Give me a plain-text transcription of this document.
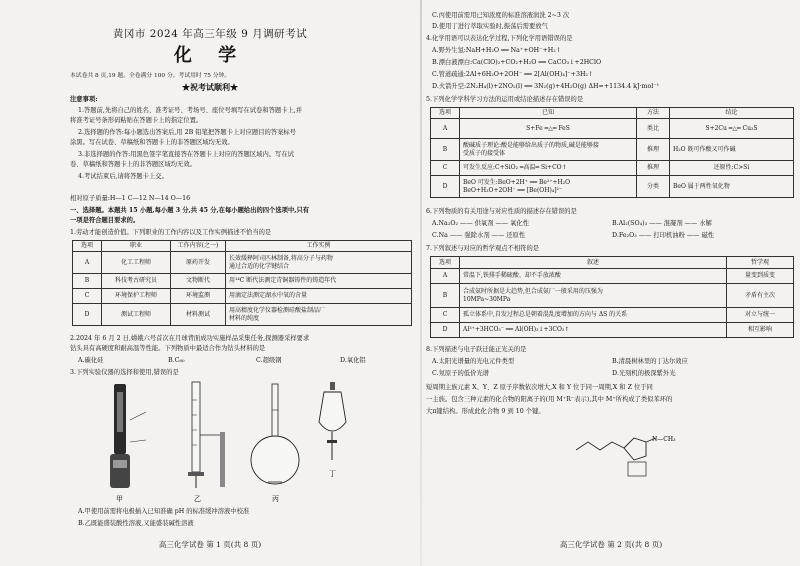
黄冈市 2024 年高三年级 9 月调研考试
化 学
本试卷共 8 页,19 题。全卷满分 100 分。考试用时 75 分钟。
★祝考试顺利★
注意事项:
1.答题前,先将自己的姓名、准考证号、考场号、座位号填写在试卷和答题卡上,并
将准考证号条形码粘贴在答题卡上的指定位置。
2.选择题的作答:每小题选出答案后,用 2B 铅笔把答题卡上对应题目的答案标号
涂黑。写在试卷、草稿纸和答题卡上的非答题区域均无效。
3.非选择题的作答:用黑色签字笔直接答在答题卡上对应的答题区域内。写在试
卷、草稿纸和答题卡上的非答题区域均无效。
4.考试结束后,请将答题卡上交。
相对原子质量:H—1 C—12 N—14 O—16
一、选择题。本题共 15 小题,每小题 3 分,共 45 分,在每小题给出的四个选项中,只有
一项是符合题目要求的。
1.劳动才能创造价值。下列职业的工作内容以及工作实例描述不恰当的是
选项	职业	工作内容(之一)	工作实例
A	化工工程师	原药开发	长效缓释阿司匹林制备,将高分子与药物
通过合适的化学键结合

B	科技考古研究员	文物断代	用¹⁴C 断代法测定青铜器铸件的铸造年代
C	环境保护工程师	环境监测	用滴定法测定湖水中氧的含量
D	测试工程师	材料测试	用高精度化学仪器检测硅酸盐制品厂
材料的纯度
2.2024 年 6 月 2 日,嫦娥六号首次在月球背面成功实施样品采集任务,探测器采样要求
钻头具有高硬度和耐高温等性能。下列物质中最适合作为钻头材料的是
A.碳化硅	B.C₆₀	C.超级钢	D.氧化铝
3.下列实验仪器的选择和使用,错误的是
甲	乙	丙
丁
A.甲使用前需将电极插入已知准确 pH 的标准缓冲溶液中校准
B.乙既能盛装酸性溶液,又能盛装碱性溶液
高三化学试卷 第 1 页(共 8 页)
C.丙使用前需用已知浓度的标准溶液润洗 2~3 次
D.使用丁进行萃取实验时,振荡后需要放气
4.化学用语可以表达化学过程,下列化学用语错误的是
A.野外生氢:NaH+H₂O ══ Na⁺+OH⁻+H₂↑
B.漂白液漂白:Ca(ClO)₂+CO₂+H₂O ══ CaCO₃↓+2HClO
C.管道疏通:2Al+6H₂O+2OH⁻ ══ 2[Al(OH)₄]⁻+3H₂↑
D.火箭升空:2N₂H₄(l)+2NO₂(l) ══ 3N₂(g)+4H₂O(g) ΔH=+1134.4 kJ·mol⁻¹
5.下列化学学科学习方法的运用或结论描述存在错误的是
选项	已知	方法	结论
A	S+Fe ═△═ FeS	类比	S+2Cu ═△═ Cu₂S
B	酸碱质子理论:酸是能够给出质子的物质,碱是能够接
受质子的接受体	推理	H₂O 既可作酸又可作碱
C	可发生反应:C+SiO₂ ═高温═ Si+CO↑	推理	还原性:C>Si
D	BeO 可发生:BeO+2H⁺ ══ Be²⁺+H₂O
BeO+H₂O+2OH⁻ ══ [Be(OH)₄]²⁻	分类	BeO 属于两性氧化物
6.下列物质的有关用途与对应性质的描述存在错误的是
A.Na₂O₂ —— 供氧剂 —— 氧化性	B.Al₂(SO₄)₃ —— 混凝剂 —— 水解
C.Na —— 强除水剂 —— 还原性	D.Fe₂O₃ —— 打印机油粉 —— 磁性
7.下列叙述与对应的哲学观点不相符的是
选项	叙述	哲学观
A	常温下,铁排手稀硫酸、却不手放浓酸	量变到质变
B	合成氨时所据是大趋势,但合成氨厂一般采用的压强为
10MPa~30MPa	矛盾有主次
C	孤立体系中,自发过程总是朝着混乱度增加的方向与 ΔS 的关系	对立与统一
D	Al³⁺+3HCO₃⁻ ══ Al(OH)₃↓+3CO₂↑	相互影响
8.下列描述与电子跃迁能正光关的是
A.太阳光谱量的光电元件类型	B.清晨树林里的丁达尔效应
C.氖原子的低价光谱	D.光刻机的极深紫外光
短周期主族元素 X、Y、Z 原子序数依次增大,X 和 Y 位于同一周期,X 和 Z 位于同
一主族。包含三种元素的化合物的阳离子的(用 M⁺R⁻表示),其中 M⁺所构成了类似苯环的
大π键结构。形成此化合物 9 到 10 个键。
N—CH₃
高三化学试卷 第 2 页(共 8 页)
